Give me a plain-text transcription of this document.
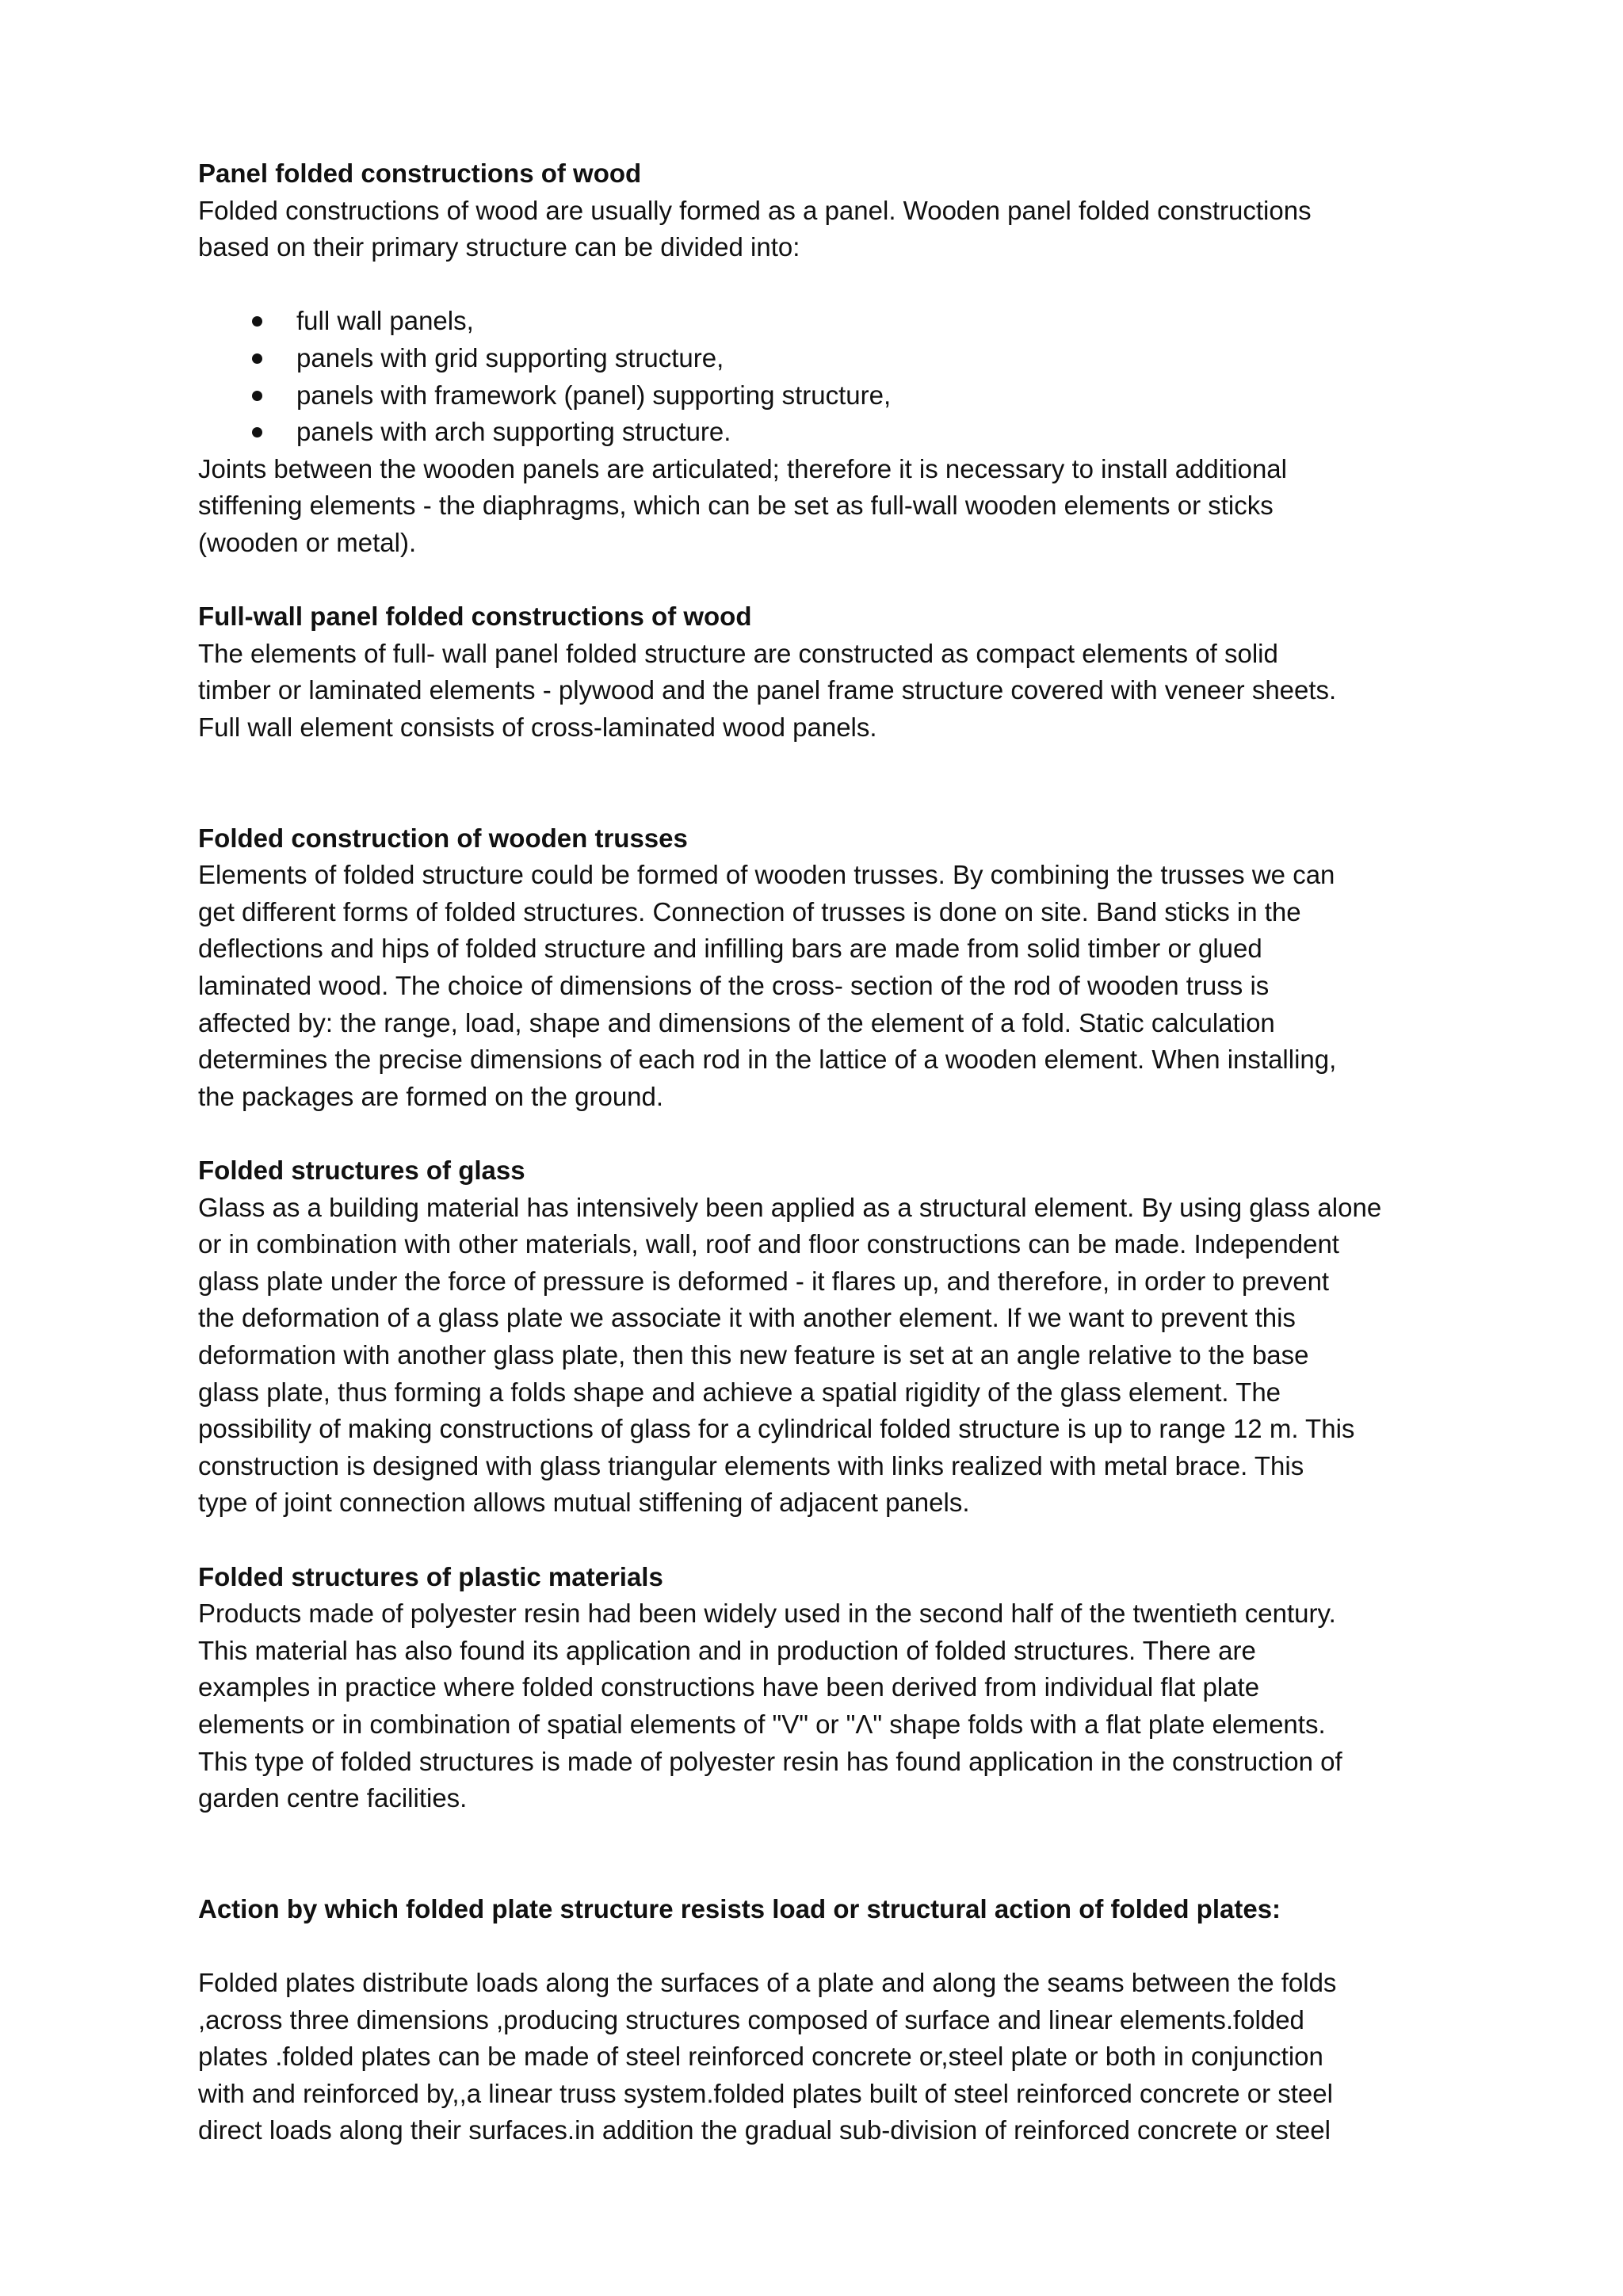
Panel folded constructions of wood

Folded constructions of wood are usually formed as a panel. Wooden panel folded constructions

based on their primary structure can be divided into:

full wall panels,
panels with grid supporting structure,
panels with framework (panel) supporting structure,
panels with arch supporting structure.

Joints between the wooden panels are articulated; therefore it is necessary to install additional

stiffening elements - the diaphragms, which can be set as full-wall wooden elements or sticks

(wooden or metal).

Full-wall panel folded constructions of wood

The elements of full- wall panel folded structure are constructed as compact elements of solid

timber or laminated elements - plywood and the panel frame structure covered with veneer sheets.

Full wall element consists of cross-laminated wood panels.

Folded construction of wooden trusses

Elements of folded structure could be formed of wooden trusses. By combining the trusses we can

get different forms of folded structures. Connection of trusses is done on site. Band sticks in the

deflections and hips of folded structure and infilling bars are made from solid timber or glued

laminated wood. The choice of dimensions of the cross- section of the rod of wooden truss is

affected by: the range, load, shape and dimensions of the element of a fold. Static calculation

determines the precise dimensions of each rod in the lattice of a wooden element. When installing,

the packages are formed on the ground.

Folded structures of glass

Glass as a building material has intensively been applied as a structural element. By using glass alone

or in combination with other materials, wall, roof and floor constructions can be made. Independent

glass plate under the force of pressure is deformed - it flares up, and therefore, in order to prevent

the deformation of a glass plate we associate it with another element. If we want to prevent this

deformation with another glass plate, then this new feature is set at an angle relative to the base

glass plate, thus forming a folds shape and achieve a spatial rigidity of the glass element. The

possibility of making constructions of glass for a cylindrical folded structure is up to range 12 m. This

construction is designed with glass triangular elements with links realized with metal brace. This

type of joint connection allows mutual stiffening of adjacent panels.

Folded structures of plastic materials

Products made of polyester resin had been widely used in the second half of the twentieth century.

This material has also found its application and in production of folded structures. There are

examples in practice where folded constructions have been derived from individual flat plate

elements or in combination of spatial elements of "V" or "Λ" shape folds with a flat plate elements.

This type of folded structures is made of polyester resin has found application in the construction of

garden centre facilities.

Action by which folded plate structure resists load or structural action of folded plates:

Folded plates distribute loads along the surfaces of a plate and along the seams between the folds

,across three dimensions ,producing structures composed of surface and linear elements.folded

plates .folded plates can be made of steel reinforced concrete or,steel plate or both in conjunction

with and reinforced by,,a linear truss system.folded plates built of steel reinforced concrete or steel

direct loads along their surfaces.in addition the gradual sub-division of reinforced concrete or steel
